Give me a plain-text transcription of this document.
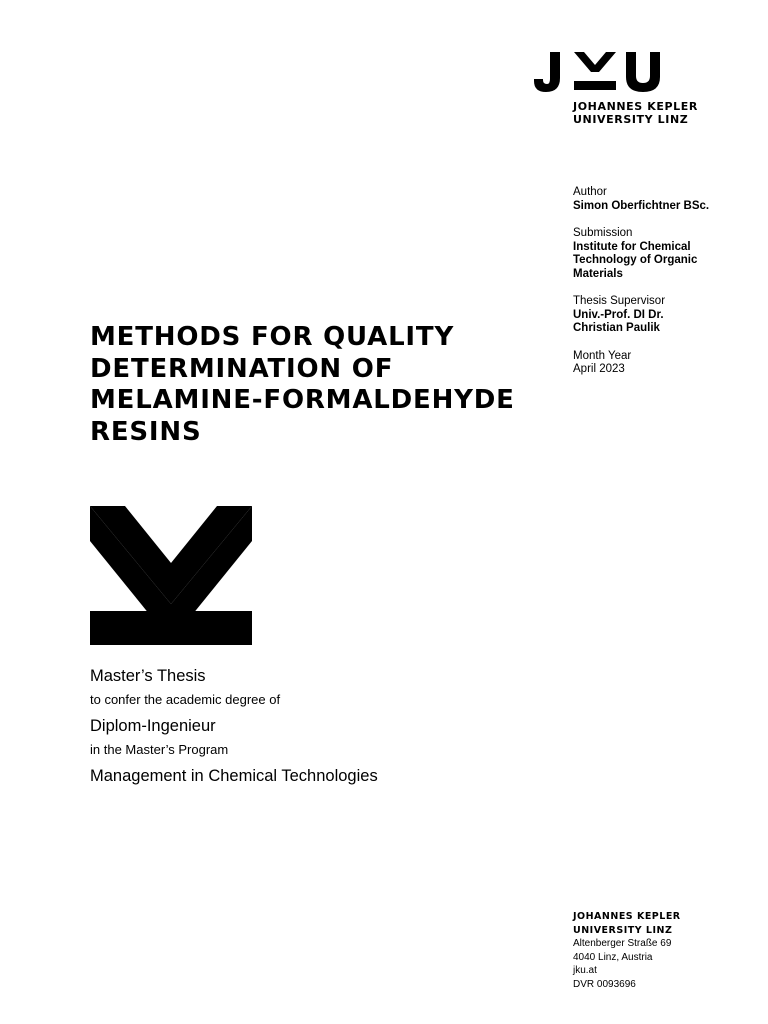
JOHANNES KEPLER
UNIVERSITY LINZ
Author
Simon Oberfichtner BSc.
Submission
Institute for Chemical Technology of Organic Materials
Thesis Supervisor
Univ.-Prof. DI Dr. Christian Paulik
Month Year
April 2023
METHODS FOR QUALITY DETERMINATION OF MELAMINE-FORMALDEHYDE RESINS
Master’s Thesis
to confer the academic degree of
Diplom-Ingenieur
in the Master’s Program
Management in Chemical Technologies
JOHANNES KEPLER
UNIVERSITY LINZ
Altenberger Straße 69
4040 Linz, Austria
jku.at
DVR 0093696
